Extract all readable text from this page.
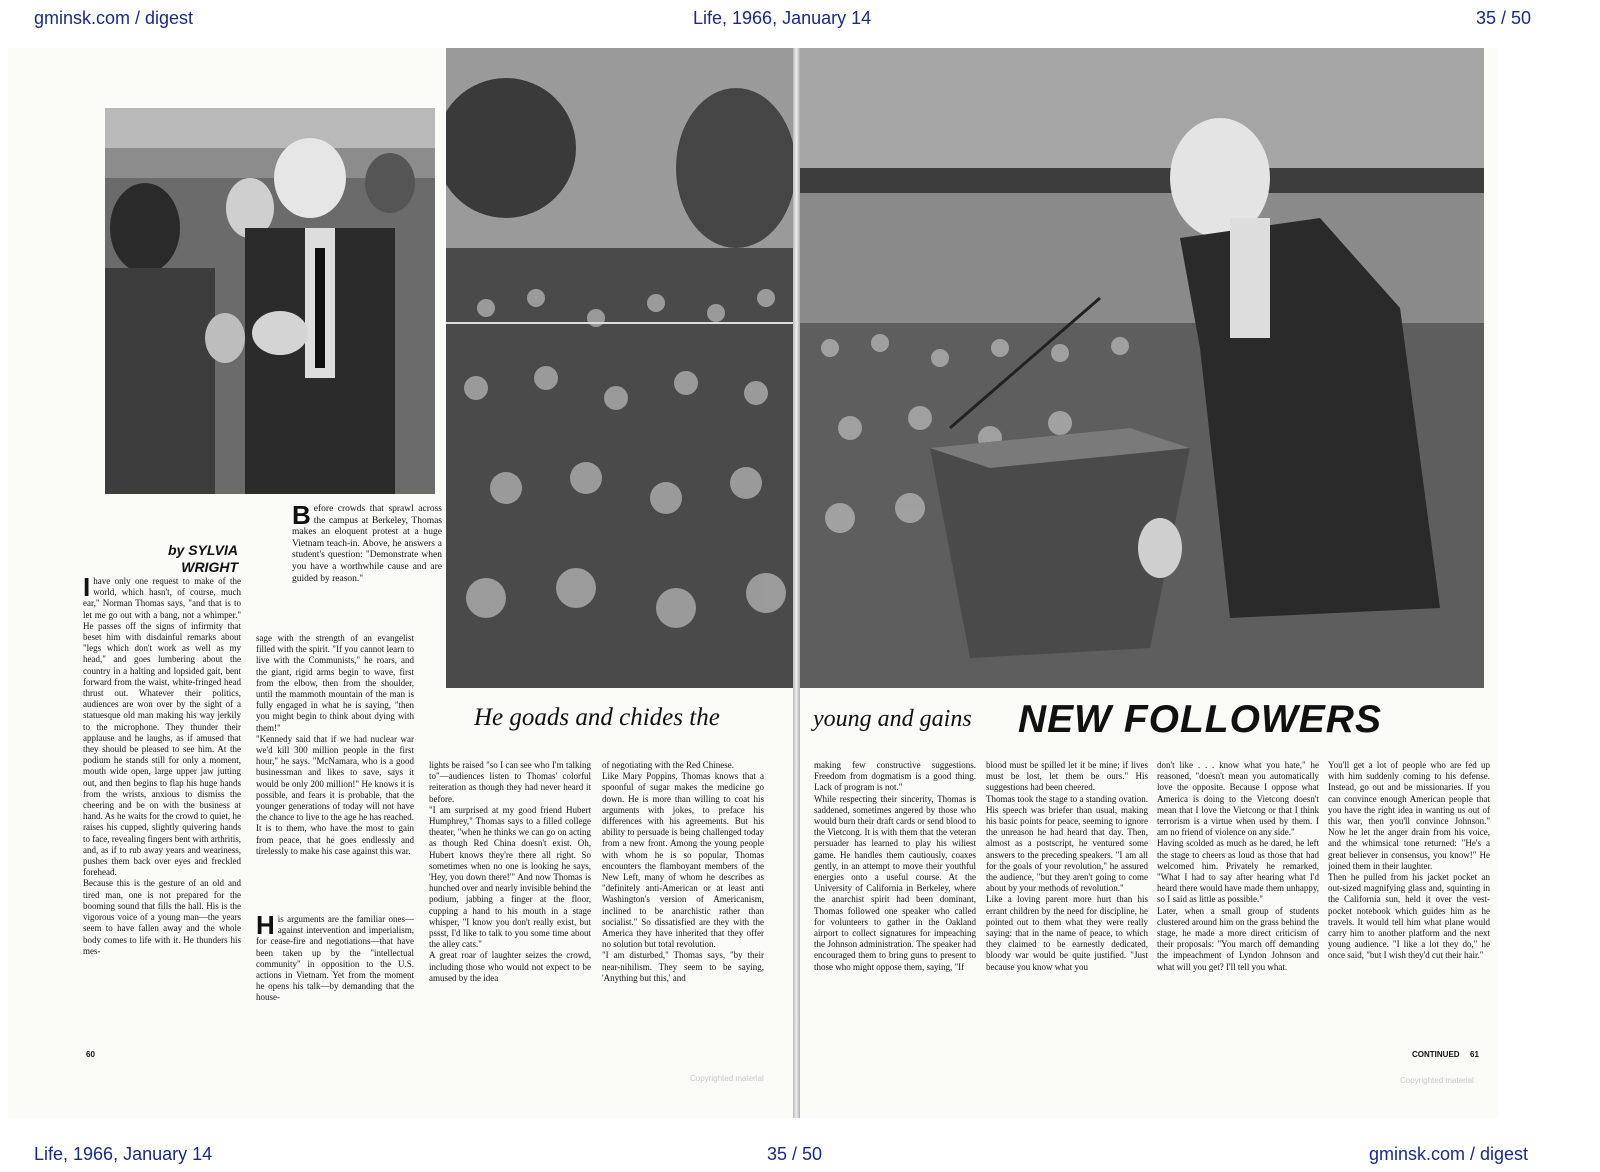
gminsk.com / digest	Life, 1966, January 14	35 / 50
by SYLVIA WRIGHT
Before crowds that sprawl across the campus at Berkeley, Thomas makes an eloquent protest at a huge Vietnam teach-in. Above, he answers a student's question: "Demonstrate when you have a worthwhile cause and are guided by reason."
Ihave only one request to make of the world, which hasn't, of course, much ear," Norman Thomas says, "and that is to let me go out with a bang, not a whimper." He passes off the signs of infirmity that beset him with disdainful remarks about "legs which don't work as well as my head," and goes lumbering about the country in a halting and lopsided gait, bent forward from the waist, white-fringed head thrust out. Whatever their politics, audiences are won over by the sight of a statuesque old man making his way jerkily to the microphone. They thunder their applause and he laughs, as if amused that they should be pleased to see him. At the podium he stands still for only a moment, mouth wide open, large upper jaw jutting out, and then begins to flap his huge hands from the wrists, anxious to dismiss the cheering and be on with the business at hand. As he waits for the crowd to quiet, he raises his cupped, slightly quivering hands to face, revealing fingers bent with arthritis, and, as if to rub away years and weariness, pushes them back over eyes and freckled forehead.
Because this is the gesture of an old and tired man, one is not prepared for the booming sound that fills the hall. His is the vigorous voice of a young man—the years seem to have fallen away and the whole body comes to life with it. He thunders his mes-
sage with the strength of an evangelist filled with the spirit. "If you cannot learn to live with the Communists," he roars, and the giant, rigid arms begin to wave, first from the elbow, then from the shoulder, until the mammoth mountain of the man is fully engaged in what he is saying, "then you might begin to think about dying with them!"
"Kennedy said that if we had nuclear war we'd kill 300 million people in the first hour," he says. "McNamara, who is a good businessman and likes to save, says it would be only 200 million!" He knows it is possible, and fears it is probable, that the younger generations of today will not have the chance to live to the age he has reached. It is to them, who have the most to gain from peace, that he goes endlessly and tirelessly to make his case against this war.
His arguments are the familiar ones—against intervention and imperialism, for cease-fire and negotiations—that have been taken up by the "intellectual community" in opposition to the U.S. actions in Vietnam. Yet from the moment he opens his talk—by demanding that the house-
He goads and chides the
lights be raised "so I can see who I'm talking to"—audiences listen to Thomas' colorful reiteration as though they had never heard it before.
"I am surprised at my good friend Hubert Humphrey," Thomas says to a filled college theater, "when he thinks we can go on acting as though Red China doesn't exist. Oh, Hubert knows they're there all right. So sometimes when no one is looking he says, 'Hey, you down there!'" And now Thomas is hunched over and nearly invisible behind the podium, jabbing a finger at the floor, cupping a hand to his mouth in a stage whisper, "I know you don't really exist, but pssst, I'd like to talk to you some time about the alley cats."
A great roar of laughter seizes the crowd, including those who would not expect to be amused by the idea
of negotiating with the Red Chinese.
Like Mary Poppins, Thomas knows that a spoonful of sugar makes the medicine go down. He is more than willing to coat his arguments with jokes, to preface his differences with his agreements. But his ability to persuade is being challenged today from a new front. Among the young people with whom he is so popular, Thomas encounters the flamboyant members of the New Left, many of whom he describes as "definitely anti-American or at least anti Washington's version of Americanism, inclined to be anarchistic rather than socialist." So dissatisfied are they with the America they have inherited that they offer no solution but total revolution.
"I am disturbed," Thomas says, "by their near-nihilism. They seem to be saying, 'Anything but this,' and
60
Copyrighted material
young and gains NEW FOLLOWERS
making few constructive suggestions. Freedom from dogmatism is a good thing. Lack of program is not."
While respecting their sincerity, Thomas is saddened, sometimes angered by those who would burn their draft cards or send blood to the Vietcong. It is with them that the veteran persuader has learned to play his wiliest game. He handles them cautiously, coaxes gently, in an attempt to move their youthful energies onto a useful course. At the University of California in Berkeley, where the anarchist spirit had been dominant, Thomas followed one speaker who called for volunteers to gather in the Oakland airport to collect signatures for impeaching the Johnson administration. The speaker had encouraged them to bring guns to present to those who might oppose them, saying, "If
blood must be spilled let it be mine; if lives must be lost, let them be ours." His suggestions had been cheered.
Thomas took the stage to a standing ovation. His speech was briefer than usual, making his basic points for peace, seeming to ignore the unreason he had heard that day. Then, almost as a postscript, he ventured some answers to the preceding speakers. "I am all for the goals of your revolution," he assured the audience, "but they aren't going to come about by your methods of revolution."
Like a loving parent more hurt than his errant children by the need for discipline, he pointed out to them what they were really saying: that in the name of peace, to which they claimed to be earnestly dedicated, bloody war would be quite justified. "Just because you know what you
don't like . . . know what you hate," he reasoned, "doesn't mean you automatically love the opposite. Because I oppose what America is doing to the Vietcong doesn't mean that I love the Vietcong or that I think terrorism is a virtue when used by them. I am no friend of violence on any side."
Having scolded as much as he dared, he left the stage to cheers as loud as those that had welcomed him. Privately he remarked, "What I had to say after hearing what I'd heard there would have made them unhappy, so I said as little as possible."
Later, when a small group of students clustered around him on the grass behind the stage, he made a more direct criticism of their proposals: "You march off demanding the impeachment of Lyndon Johnson and what will you get? I'll tell you what.
You'll get a lot of people who are fed up with him suddenly coming to his defense. Instead, go out and be missionaries. If you can convince enough American people that you have the right idea in wanting us out of this war, then you'll convince Johnson." Now he let the anger drain from his voice, and the whimsical tone returned: "He's a great believer in consensus, you know!" He joined them in their laughter.
Then he pulled from his jacket pocket an out-sized magnifying glass and, squinting in the California sun, held it over the vest-pocket notebook which guides him as he travels. It would tell him what plane would carry him to another platform and the next young audience. "I like a lot they do," he once said, "but I wish they'd cut their hair."
CONTINUED 61
Copyrighted material
Life, 1966, January 14	35 / 50	gminsk.com / digest
